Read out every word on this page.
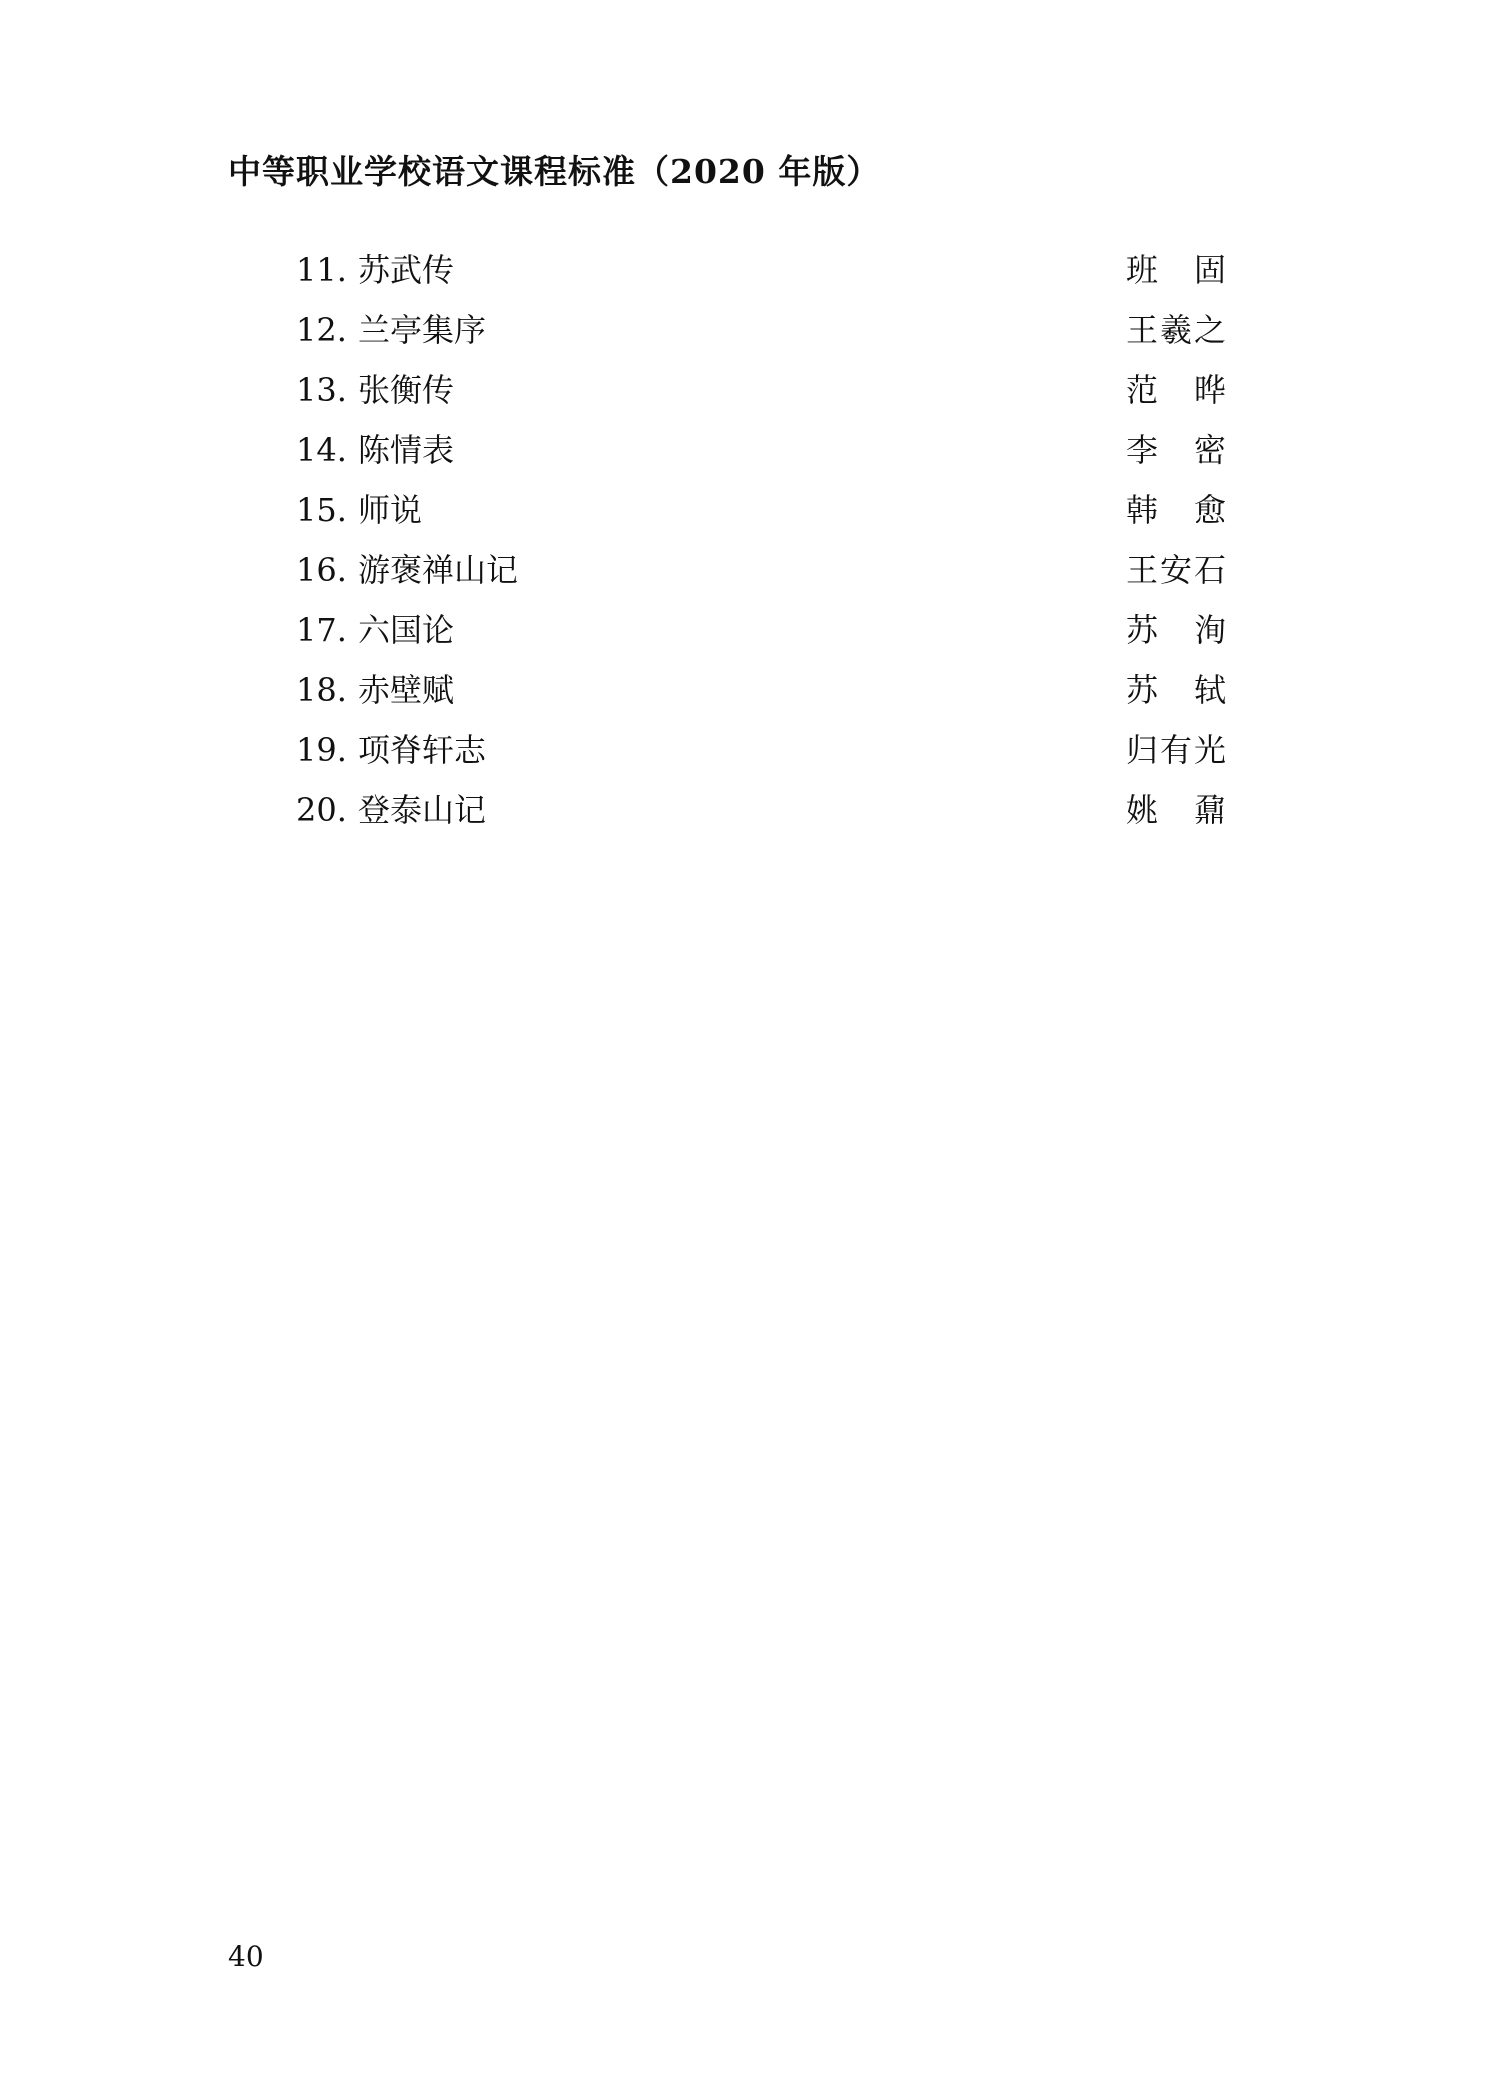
中等职业学校语文课程标准（2020 年版）
11. 苏武传	班固
12. 兰亭集序	王羲之
13. 张衡传	范晔
14. 陈情表	李密
15. 师说	韩愈
16. 游褒禅山记	王安石
17. 六国论	苏洵
18. 赤壁赋	苏轼
19. 项脊轩志	归有光
20. 登泰山记	姚鼐
40
